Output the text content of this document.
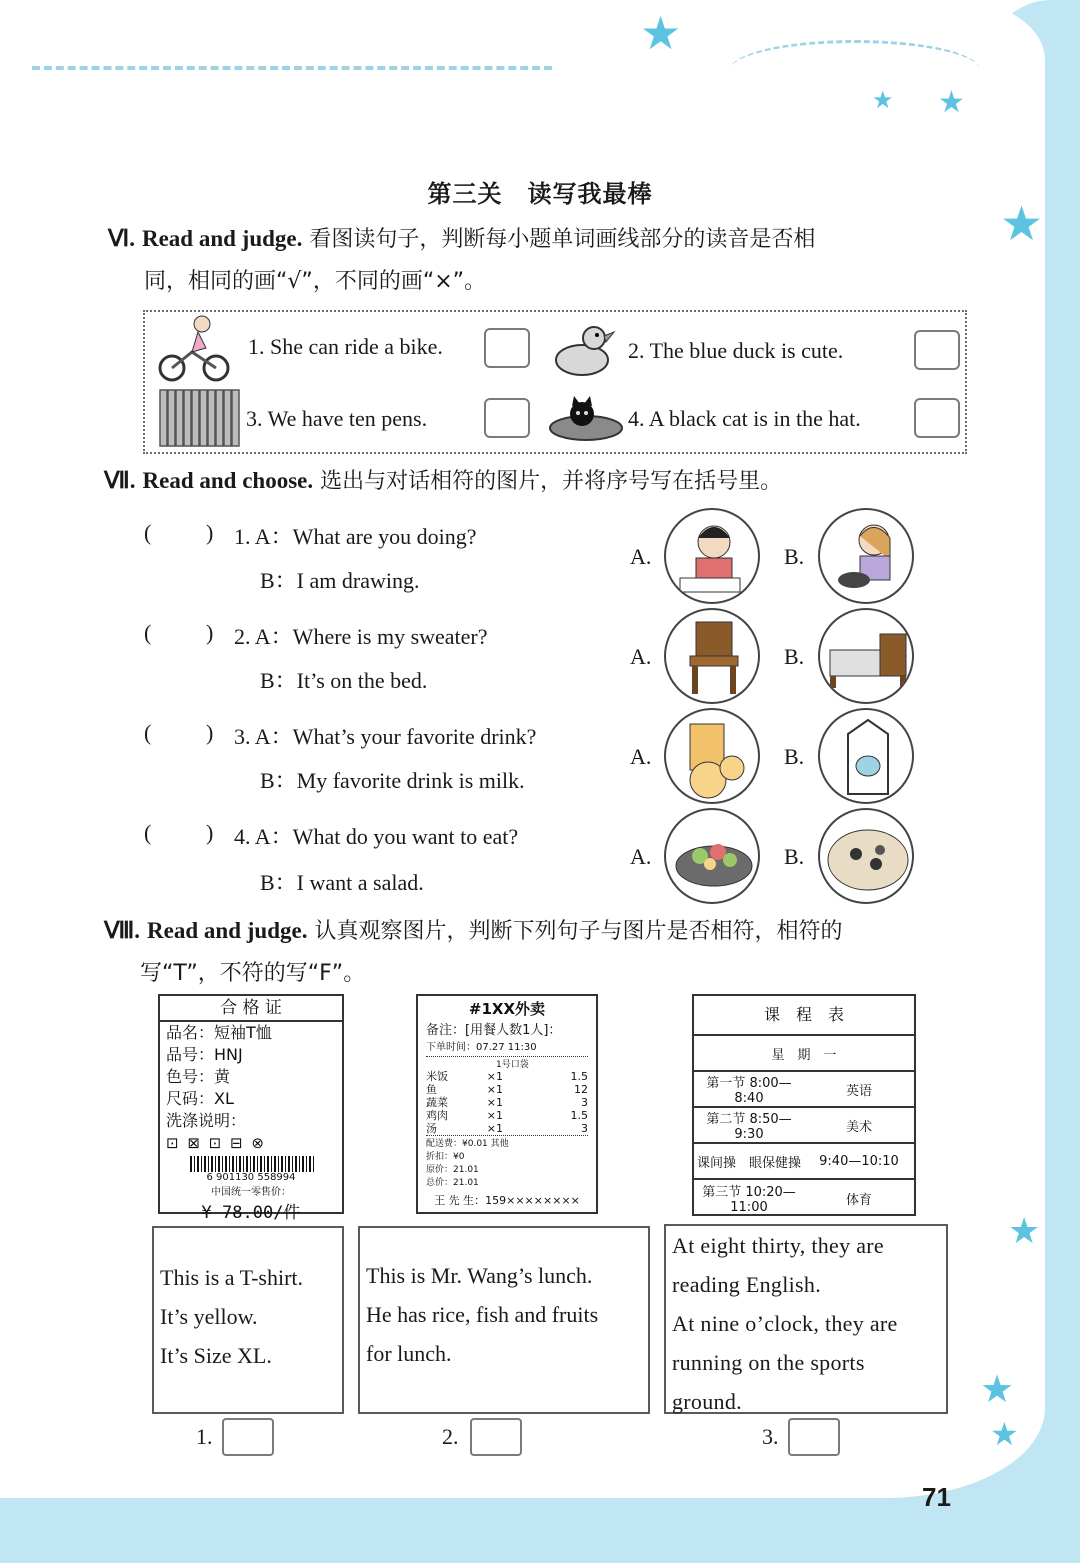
★
★ ★
★
★
★
★
第三关　读写我最棒
Ⅵ. Read and judge. 看图读句子，判断每小题单词画线部分的读音是否相
同，相同的画“√”，不同的画“×”。
1. She can ride a bike.	2. The blue duck is cute.
3. We have ten pens.	4. A black cat is in the hat.
Ⅶ. Read and choose. 选出与对话相符的图片，并将序号写在括号里。
( ) 1. A：What are you doing?
B：I am drawing.
A.	B.
( ) 2. A：Where is my sweater?
B：It’s on the bed.
A.	B.
( ) 3. A：What’s your favorite drink?
B：My favorite drink is milk.
A.	B.
( ) 4. A：What do you want to eat?
B：I want a salad.
A.	B.
Ⅷ. Read and judge. 认真观察图片，判断下列句子与图片是否相符，相符的
写“T”，不符的写“F”。
合 格 证
品名：短袖T恤
品号：HNJ
色号：黄
尺码：XL
洗涤说明：
⊡ ⊠ ⊡ ⊟ ⊗
6 901130 558994
中国统一零售价：
¥ 78.00/件
#1XX外卖
备注：[用餐人数1人]：
下单时间：07.27 11:30
1号口袋
米饭	×1	1.5
鱼	×1	12
蔬菜	×1	3
鸡肉	×1	1.5
汤	×1	3
配送费：¥0.01 其他
折扣：¥0
原价：21.01
总价：21.01
王 先 生：159××××××××
课　程　表
星　期　一
第一节 8:00—8:40	英语
第二节 8:50—9:30	美术
课间操　眼保健操	9:40—10:10
第三节 10:20—11:00	体育
This is a T-shirt.
It’s yellow.
It’s Size XL.
This is Mr. Wang’s lunch.
He has rice, fish and fruits
for lunch.
At eight thirty, they are
reading English.
At nine o’clock, they are
running on the sports
ground.
1.	2.	3.
71
